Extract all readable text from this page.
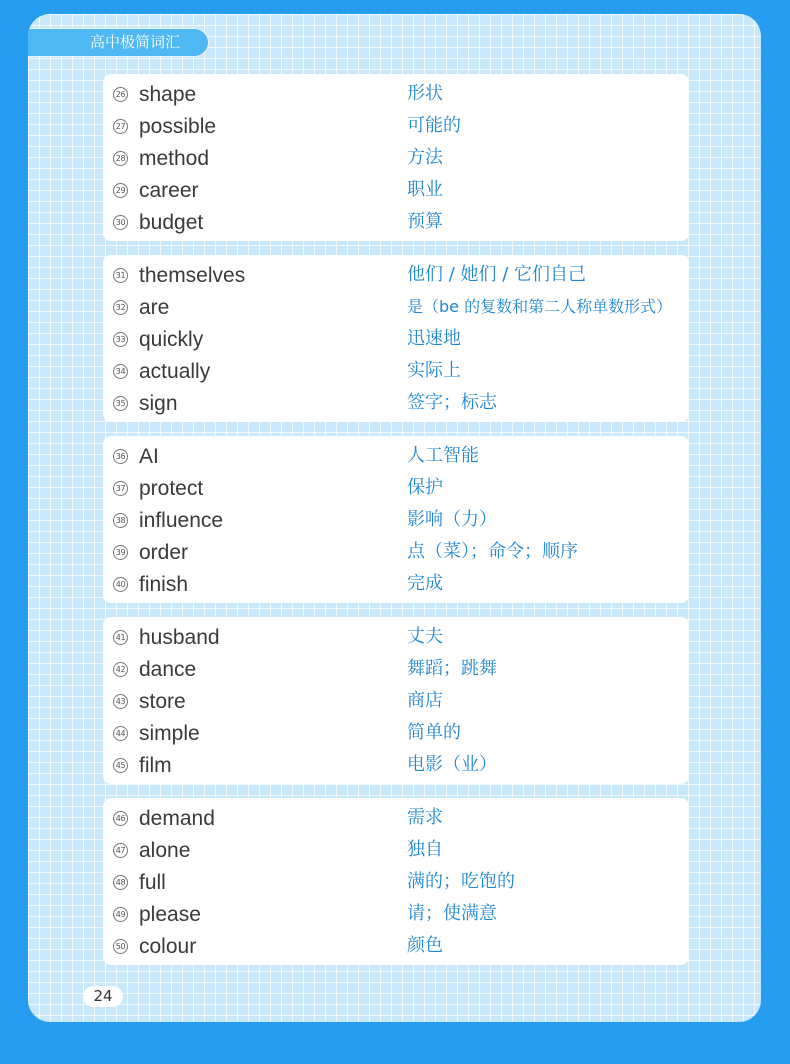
高中极简词汇
26 shape	形状
27 possible	可能的
28 method	方法
29 career	职业
30 budget	预算
31 themselves	他们 / 她们 / 它们自己
32 are	是（be 的复数和第二人称单数形式）
33 quickly	迅速地
34 actually	实际上
35 sign	签字；标志
36 AI	人工智能
37 protect	保护
38 influence	影响（力）
39 order	点（菜）；命令；顺序
40 finish	完成
41 husband	丈夫
42 dance	舞蹈；跳舞
43 store	商店
44 simple	简单的
45 film	电影（业）
46 demand	需求
47 alone	独自
48 full	满的；吃饱的
49 please	请；使满意
50 colour	颜色
24
